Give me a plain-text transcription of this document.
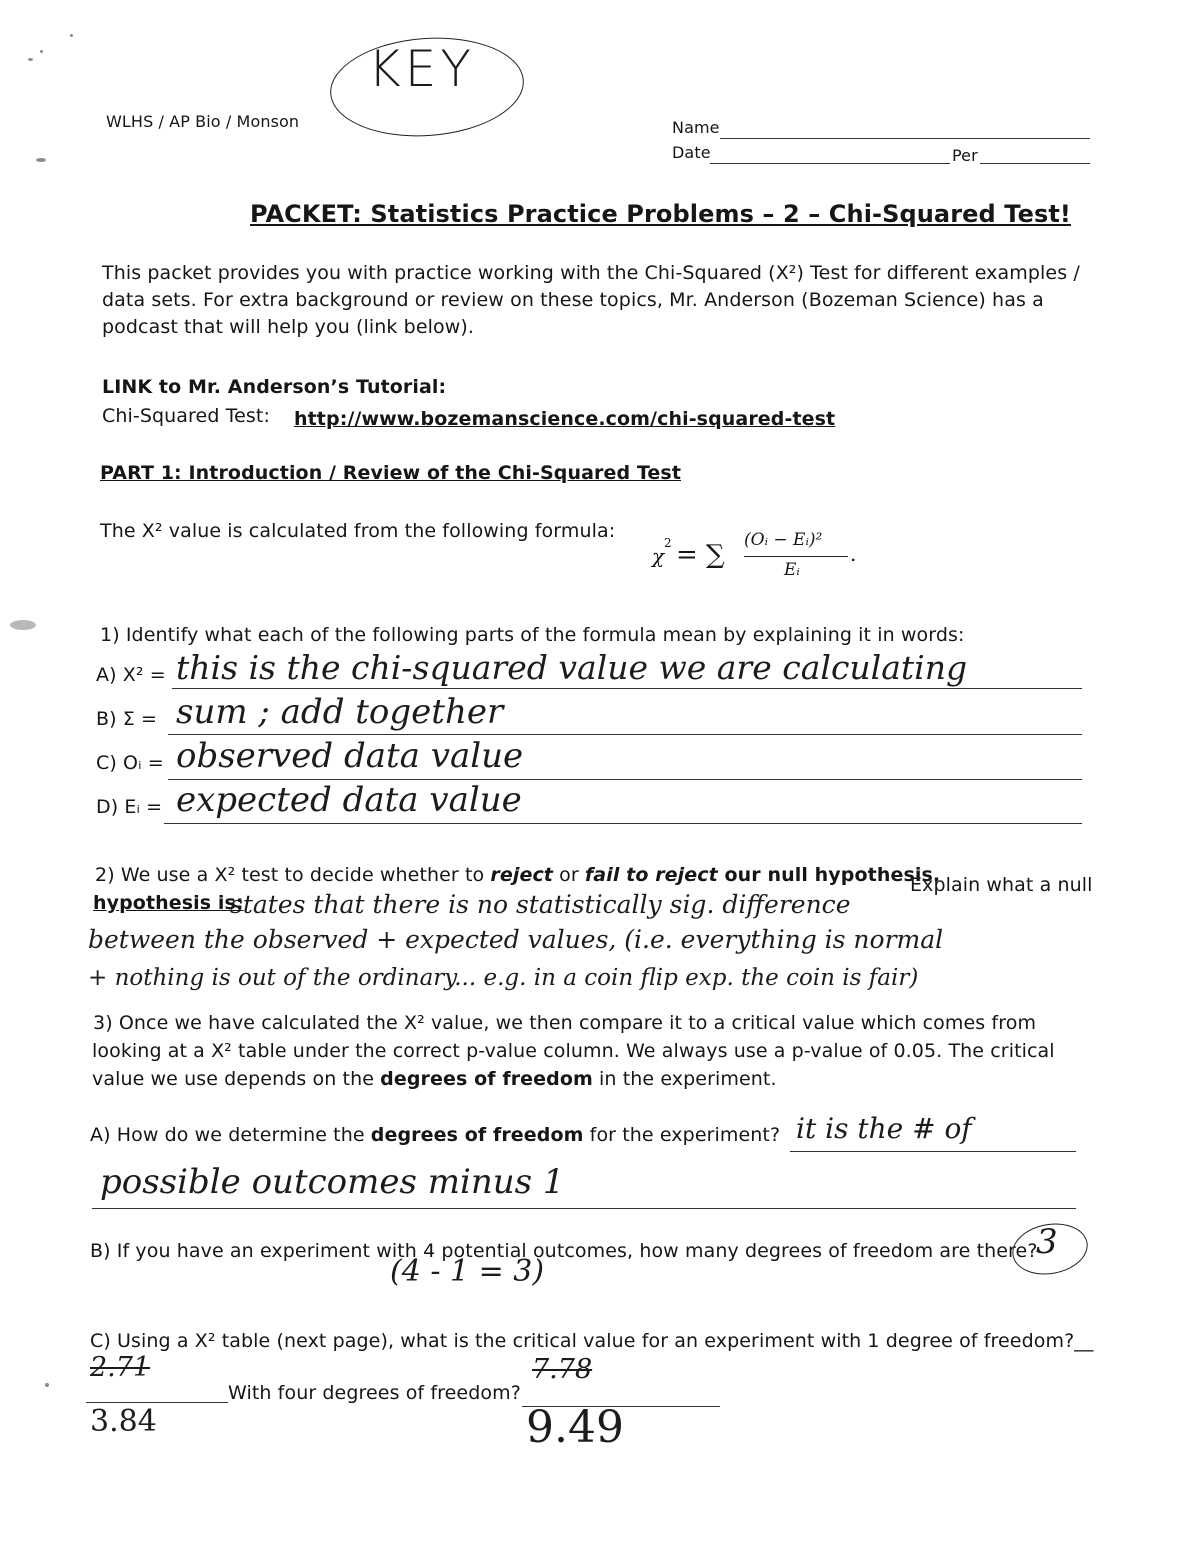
WLHS / AP Bio / Monson
KEY
Name
Date	Per
PACKET: Statistics Practice Problems – 2 – Chi-Squared Test!
This packet provides you with practice working with the Chi-Squared (X²) Test for different examples /
data sets. For extra background or review on these topics, Mr. Anderson (Bozeman Science) has a
podcast that will help you (link below).
LINK to Mr. Anderson’s Tutorial:
Chi-Squared Test: http://www.bozemanscience.com/chi-squared-test
PART 1: Introduction / Review of the Chi-Squared Test
The X² value is calculated from the following formula:
χ
2 = ∑ (Oᵢ − Eᵢ)²
Eᵢ
.
1) Identify what each of the following parts of the formula mean by explaining it in words:
A) X² = this is the chi-squared value we are calculating
B) Σ = sum ; add together
C) Oᵢ = observed data value
D) Eᵢ = expected data value
2) We use a X² test to decide whether to reject or fail to reject our null hypothesis.
Explain what a null
hypothesis is:
states that there is no statistically sig. difference
between the observed + expected values, (i.e. everything is normal
+ nothing is out of the ordinary... e.g. in a coin flip exp. the coin is fair)
3) Once we have calculated the X² value, we then compare it to a critical value which comes from
looking at a X² table under the correct p-value column. We always use a p-value of 0.05. The critical
value we use depends on the degrees of freedom in the experiment.
A) How do we determine the degrees of freedom for the experiment? it is the # of
possible outcomes minus 1
B) If you have an experiment with 4 potential outcomes, how many degrees of freedom are there?
(4 - 1 = 3)
3
C) Using a X² table (next page), what is the critical value for an experiment with 1 degree of freedom?__
2.71
With four degrees of freedom?
3.84
7.78
9.49
